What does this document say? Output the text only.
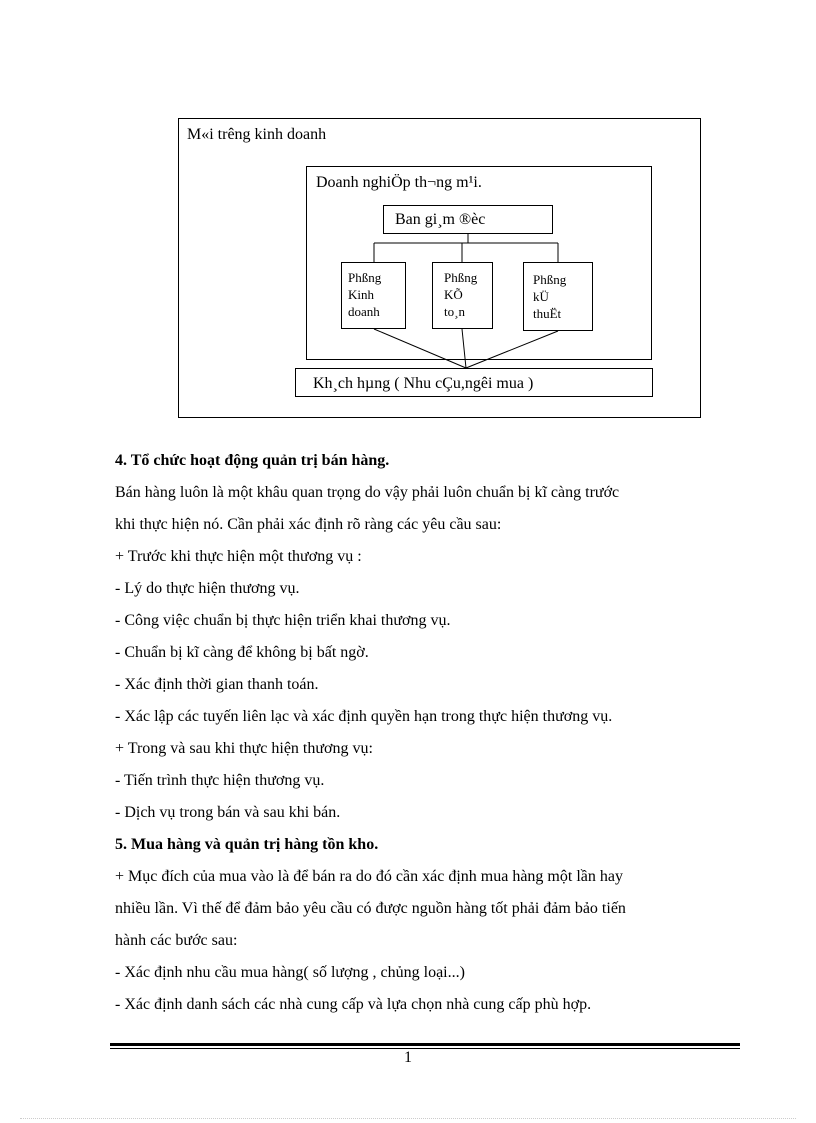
M«i trêng kinh doanh
Doanh nghiÖp th¬ng m¹i.
Ban gi¸m ®èc
Phßng
Kinh
doanh
Phßng
KÕ
to¸n
Phßng
kÜ
thuËt
Kh¸ch hµng ( Nhu cÇu,ngêi mua )
4. Tổ chức hoạt động quản trị bán hàng.
Bán hàng luôn là một khâu quan trọng do vậy phải luôn chuẩn bị kĩ càng trước
khi thực hiện nó. Cần phải xác định rõ ràng các yêu cầu sau:
+ Trước khi thực hiện một thương vụ :
- Lý do thực hiện thương vụ.
- Công việc chuẩn bị thực hiện triển khai thương vụ.
- Chuẩn bị kĩ càng để không bị bất ngờ.
- Xác định thời gian thanh toán.
- Xác lập các tuyến liên lạc và xác định quyền hạn trong thực hiện thương vụ.
+ Trong và sau khi thực hiện thương vụ:
- Tiến trình thực hiện thương vụ.
- Dịch vụ trong bán và sau khi bán.
5. Mua hàng và quản trị hàng tồn kho.
+ Mục đích của mua vào là để bán ra do đó cần xác định mua hàng một lần hay
nhiều lần. Vì thế để đảm bảo yêu cầu có được nguồn hàng tốt phải đảm bảo tiến
hành các bước sau:
- Xác định nhu cầu mua hàng( số lượng , chủng loại...)
- Xác định danh sách các nhà cung cấp và lựa chọn nhà cung cấp phù hợp.
1
